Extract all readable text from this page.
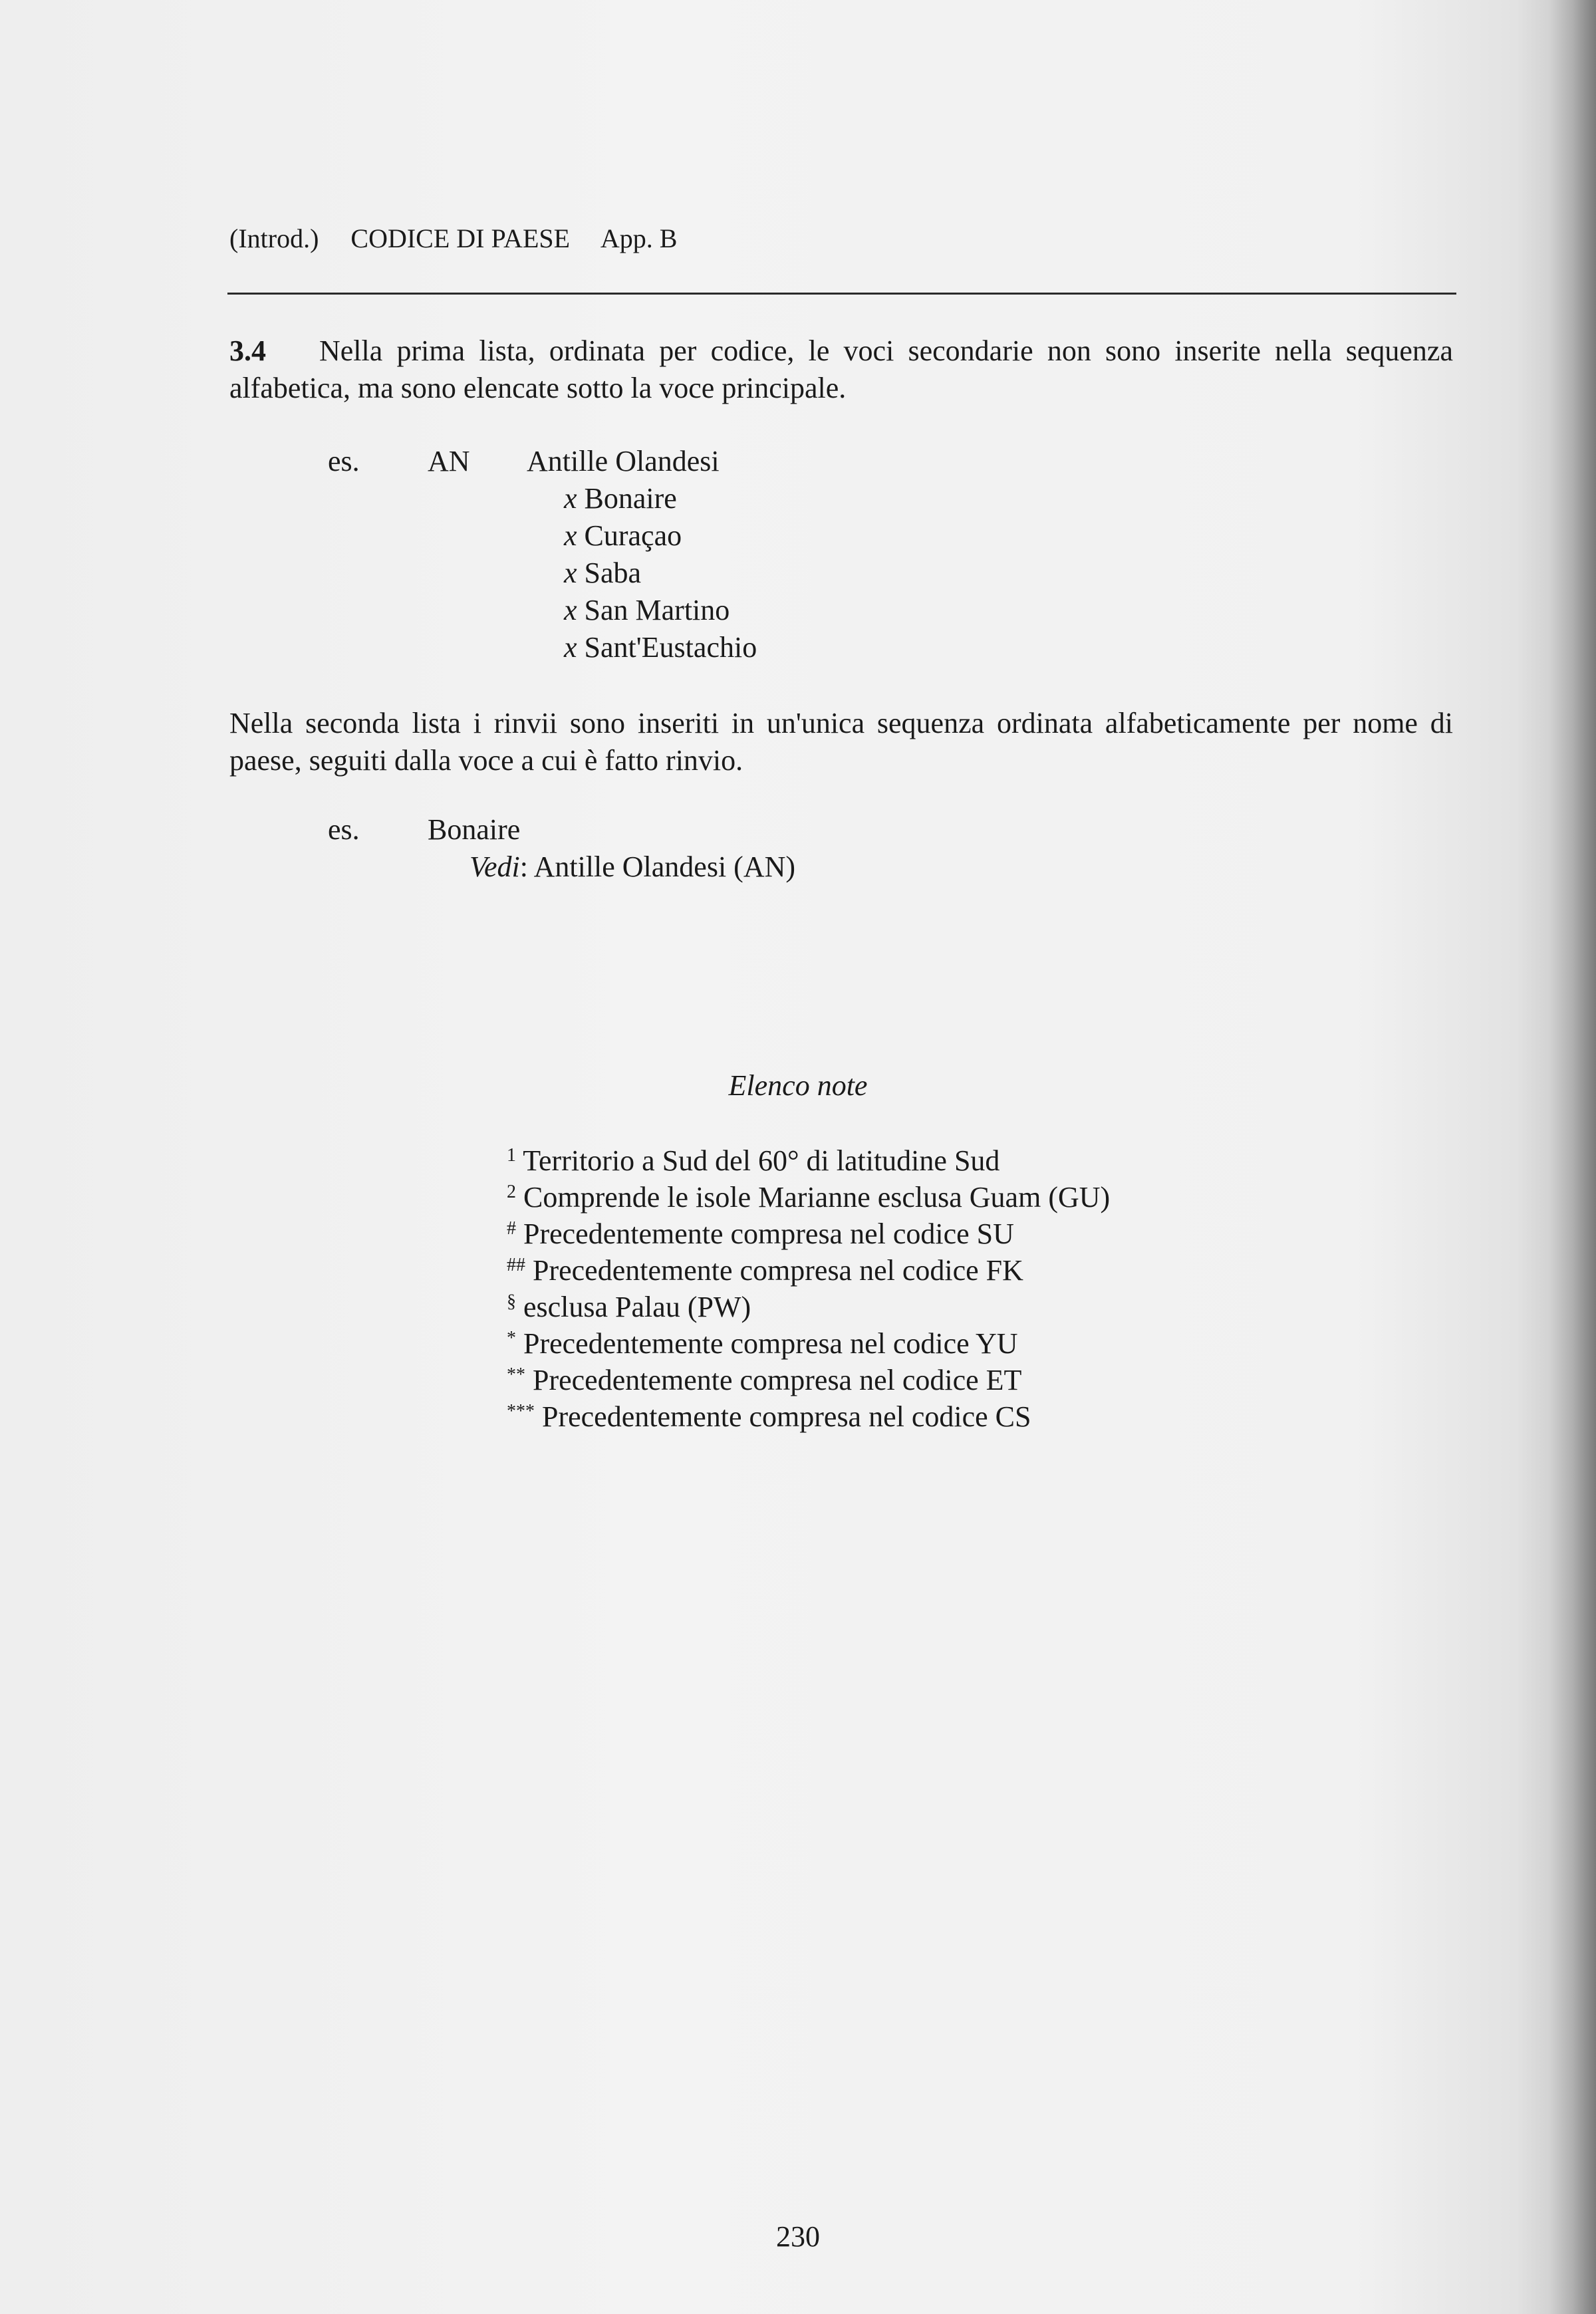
(Introd.) CODICE DI PAESE App. B
3.4 Nella prima lista, ordinata per codice, le voci secondarie non sono inserite nella sequenza alfabetica, ma sono elencate sotto la voce principale.
es. AN Antille Olandesi
x Bonaire
x Curaçao
x Saba
x San Martino
x Sant'Eustachio
Nella seconda lista i rinvii sono inseriti in un'unica sequenza ordinata alfabeticamente per nome di paese, seguiti dalla voce a cui è fatto rinvio.
es. Bonaire
Vedi: Antille Olandesi (AN)
Elenco note
$^1$ Territorio a Sud del 60° di latitudine Sud
$^2$ Comprende le isole Marianne esclusa Guam (GU)
# Precedentemente compresa nel codice SU
## Precedentemente compresa nel codice FK
§ esclusa Palau (PW)
* Precedentemente compresa nel codice YU
** Precedentemente compresa nel codice ET
*** Precedentemente compresa nel codice CS
230
